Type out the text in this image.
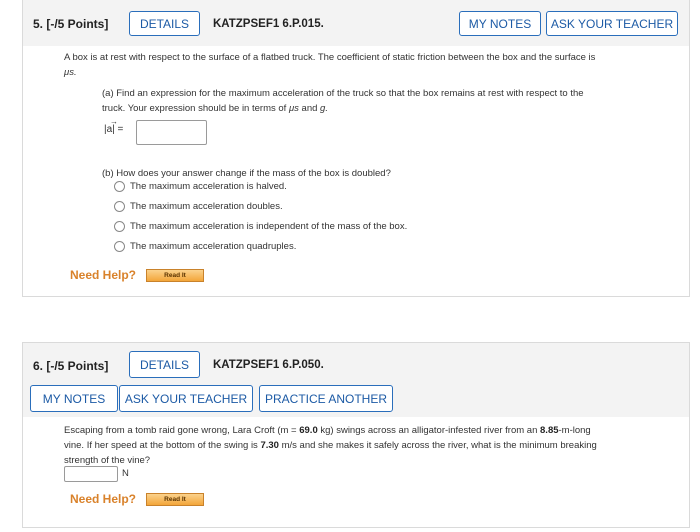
5. [-/5 Points]	DETAILS	KATZPSEF1 6.P.015.	MY NOTES	ASK YOUR TEACHER
A box is at rest with respect to the surface of a flatbed truck. The coefficient of static friction between the box and the surface is
μs.
(a) Find an expression for the maximum acceleration of the truck so that the box remains at rest with respect to the
truck. Your expression should be in terms of μs and g.
→
|a| =
(b) How does your answer change if the mass of the box is doubled?
The maximum acceleration is halved.
The maximum acceleration doubles.
The maximum acceleration is independent of the mass of the box.
The maximum acceleration quadruples.
Need Help?	Read It
6. [-/5 Points]	DETAILS	KATZPSEF1 6.P.050.
MY NOTES	ASK YOUR TEACHER	PRACTICE ANOTHER
Escaping from a tomb raid gone wrong, Lara Croft (m = 69.0 kg) swings across an alligator-infested river from an 8.85-m-long
vine. If her speed at the bottom of the swing is 7.30 m/s and she makes it safely across the river, what is the minimum breaking
strength of the vine?
N
Need Help?	Read It
